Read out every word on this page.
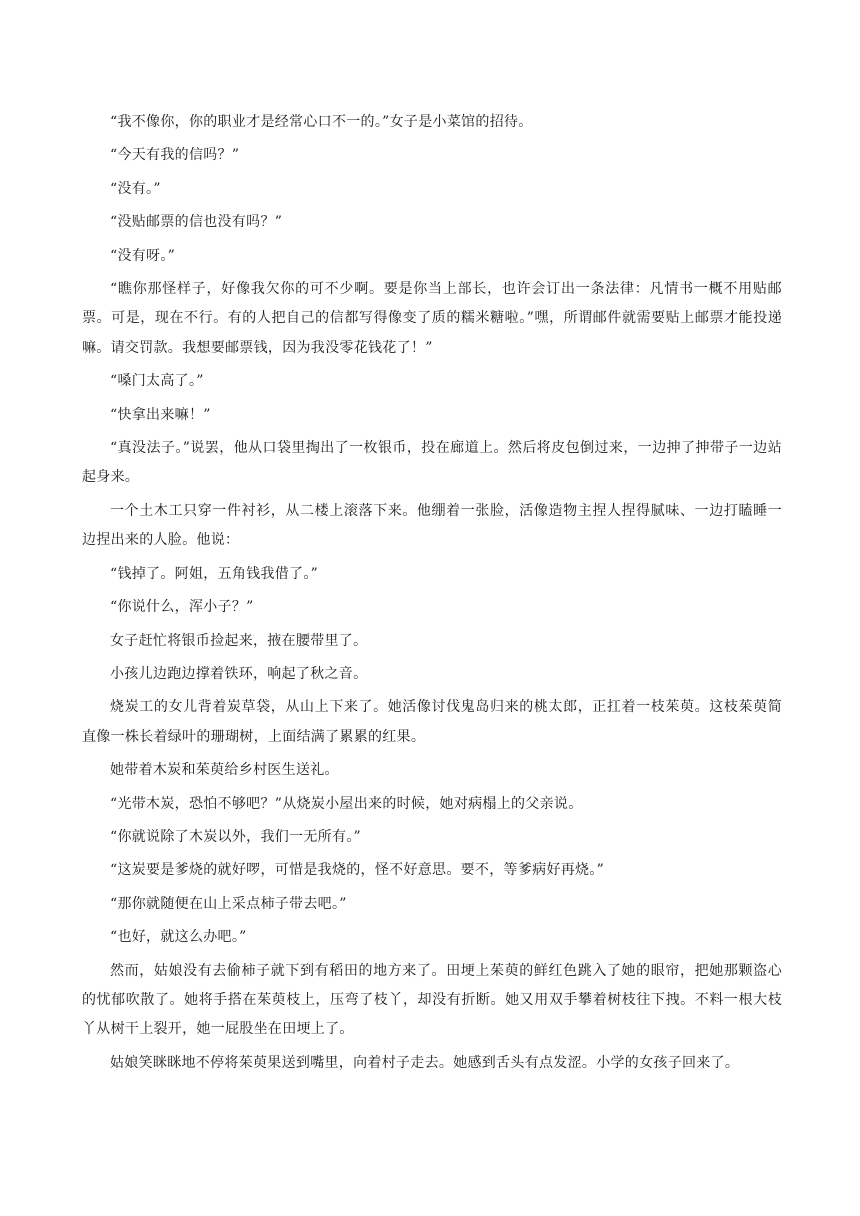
“我不像你，你的职业才是经常心口不一的。”女子是小菜馆的招待。

“今天有我的信吗？”

“没有。”

“没贴邮票的信也没有吗？”

“没有呀。”

“瞧你那怪样子，好像我欠你的可不少啊。要是你当上部长，也许会订出一条法律：凡情书一概不用贴邮票。可是，现在不行。有的人把自己的信都写得像变了质的糯米糖啦。”嘿，所谓邮件就需要贴上邮票才能投递嘛。请交罚款。我想要邮票钱，因为我没零花钱花了！”

“嗓门太高了。”

“快拿出来嘛！”

“真没法子。”说罢，他从口袋里掏出了一枚银币，投在廊道上。然后将皮包倒过来，一边抻了抻带子一边站起身来。

一个土木工只穿一件衬衫，从二楼上滚落下来。他绷着一张脸，活像造物主捏人捏得腻味、一边打瞌睡一边捏出来的人脸。他说：

“钱掉了。阿姐，五角钱我借了。”

“你说什么，浑小子？”

女子赶忙将银币捡起来，掖在腰带里了。

小孩儿边跑边撑着铁环，响起了秋之音。

烧炭工的女儿背着炭草袋，从山上下来了。她活像讨伐鬼岛归来的桃太郎，正扛着一枝茱萸。这枝茱萸简直像一株长着绿叶的珊瑚树，上面结满了累累的红果。

她带着木炭和茱萸给乡村医生送礼。

“光带木炭，恐怕不够吧？”从烧炭小屋出来的时候，她对病榻上的父亲说。

“你就说除了木炭以外，我们一无所有。”

“这炭要是爹烧的就好啰，可惜是我烧的，怪不好意思。要不，等爹病好再烧。”

“那你就随便在山上采点柿子带去吧。”

“也好，就这么办吧。”

然而，姑娘没有去偷柿子就下到有稻田的地方来了。田埂上茱萸的鲜红色跳入了她的眼帘，把她那颗盗心的忧郁吹散了。她将手搭在茱萸枝上，压弯了枝丫，却没有折断。她又用双手攀着树枝往下拽。不料一根大枝丫从树干上裂开，她一屁股坐在田埂上了。

姑娘笑眯眯地不停将茱萸果送到嘴里，向着村子走去。她感到舌头有点发涩。小学的女孩子回来了。
